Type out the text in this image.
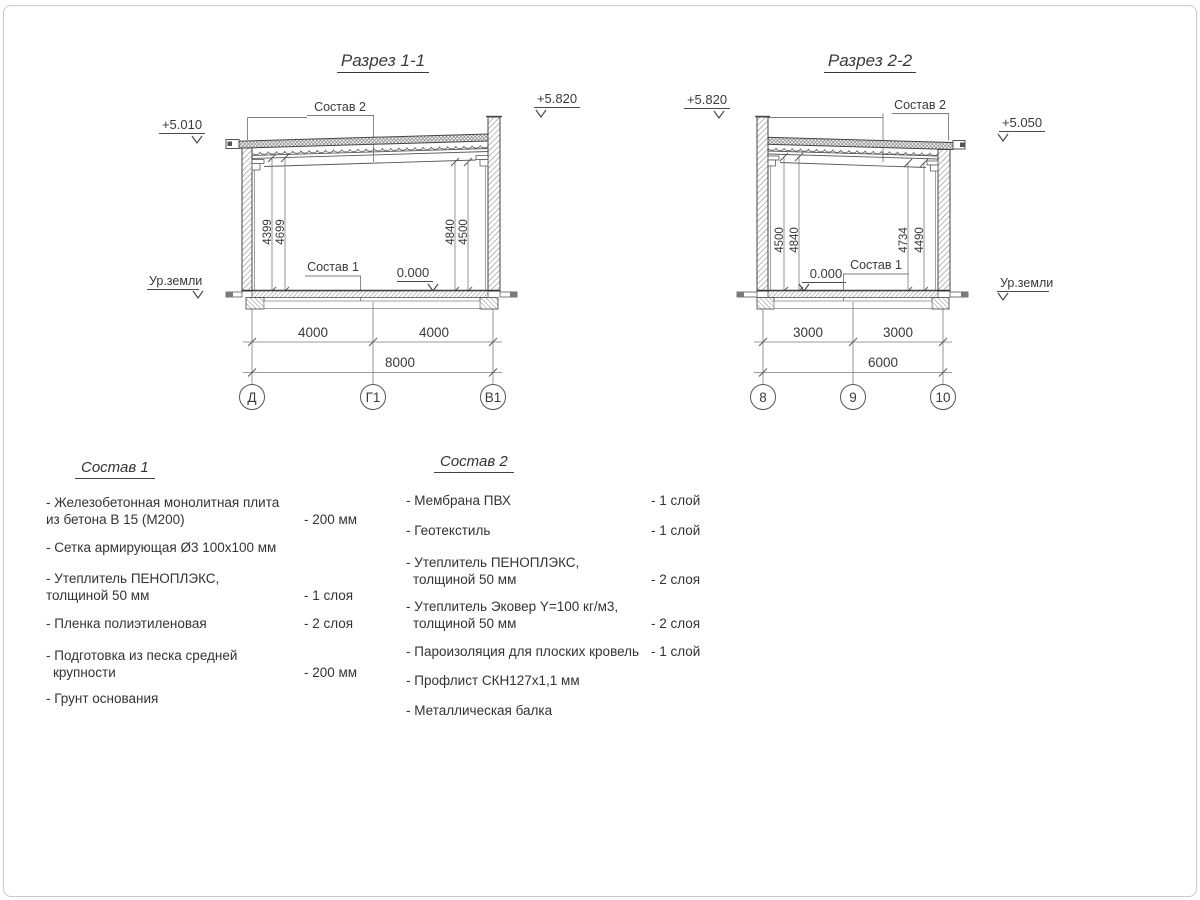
Разрез 1-1
Состав 2
+5.010
+5.820
4399 4699	4840 4500
Состав 1	0.000
Ур.земли
4000	4000
8000
Д	Г1	В1
Разрез 2-2
Состав 2
+5.820
+5.050
4500 4840	4734 4490
0.000
Состав 1
Ур.земли
3000	3000
6000
8	9	10
Состав 1
- Железобетонная монолитная плита
из бетона В 15 (М200)	- 200 мм
- Сетка армирующая Ø3 100х100 мм
- Утеплитель ПЕНОПЛЭКС,
толщиной 50 мм	- 1 слоя
- Пленка полиэтиленовая	- 2 слоя
- Подготовка из песка средней
крупности	- 200 мм
- Грунт основания
Состав 2
- Мембрана ПВХ	- 1 слой
- Геотекстиль	- 1 слой
- Утеплитель ПЕНОПЛЭКС,
толщиной 50 мм	- 2 слоя
- Утеплитель Эковер Y=100 кг/м3,
толщиной 50 мм	- 2 слоя
- Пароизоляция для плоских кровель - 1 слой
- Профлист СКН127х1,1 мм
- Металлическая балка
